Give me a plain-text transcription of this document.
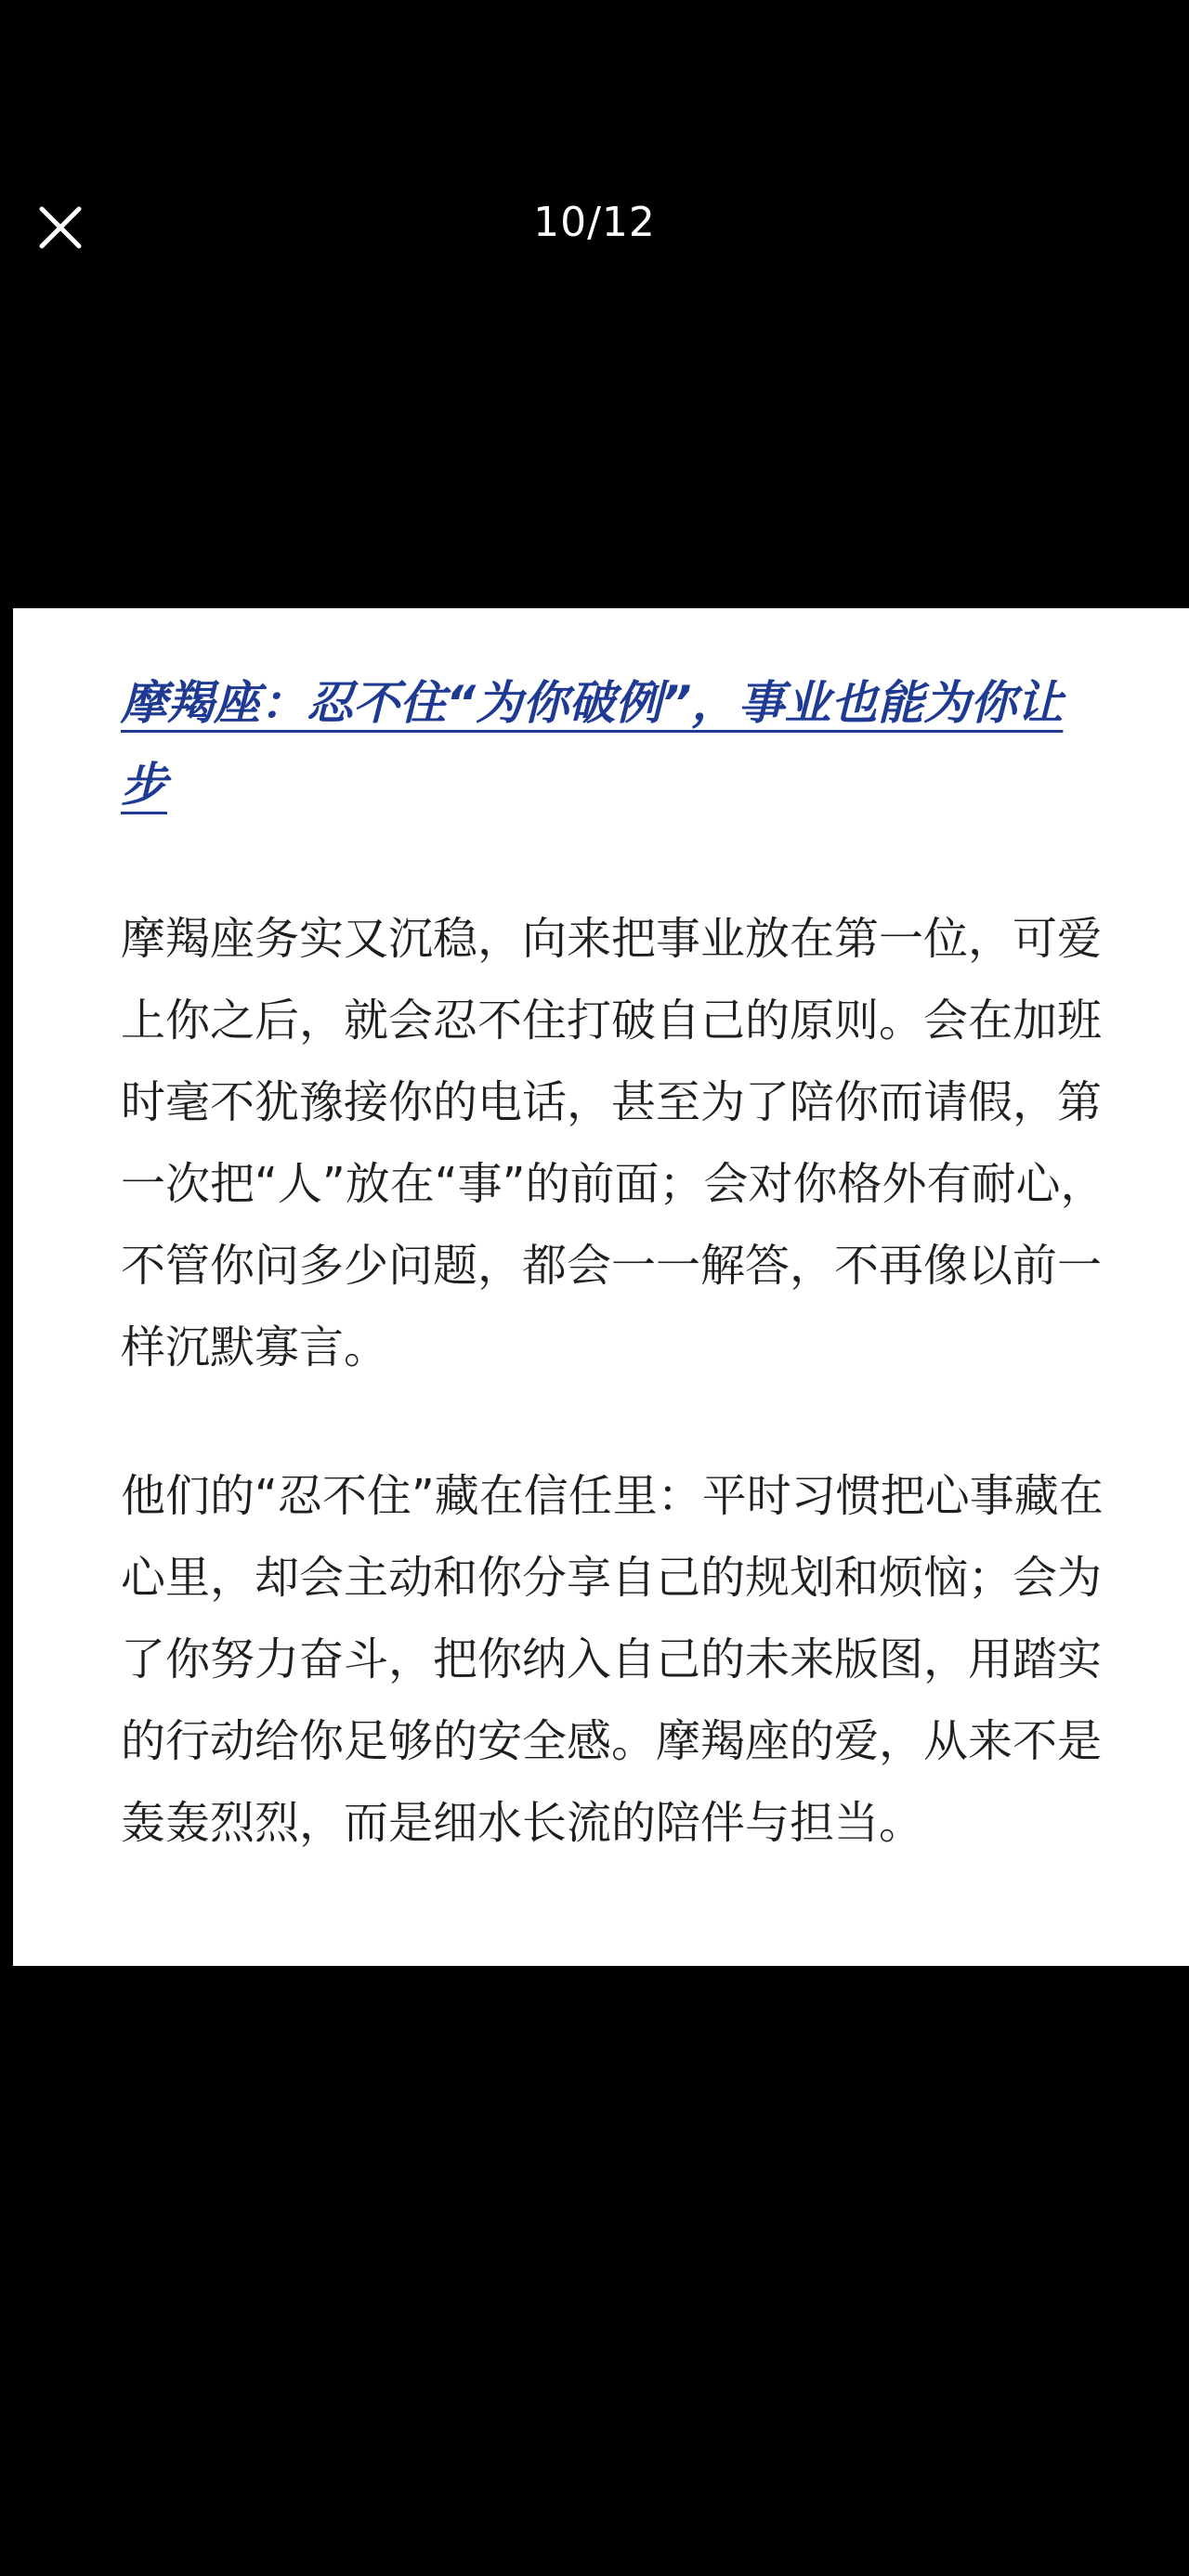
10/12
摩羯座：忍不住“为你破例”，事业也能为你让步

摩羯座务实又沉稳，向来把事业放在第一位，可爱上你之后，就会忍不住打破自己的原则。会在加班时毫不犹豫接你的电话，甚至为了陪你而请假，第一次把“人”放在“事”的前面；会对你格外有耐心，不管你问多少问题，都会一一解答，不再像以前一样沉默寡言。

他们的“忍不住”藏在信任里：平时习惯把心事藏在心里，却会主动和你分享自己的规划和烦恼；会为了你努力奋斗，把你纳入自己的未来版图，用踏实的行动给你足够的安全感。摩羯座的爱，从来不是轰轰烈烈，而是细水长流的陪伴与担当。
